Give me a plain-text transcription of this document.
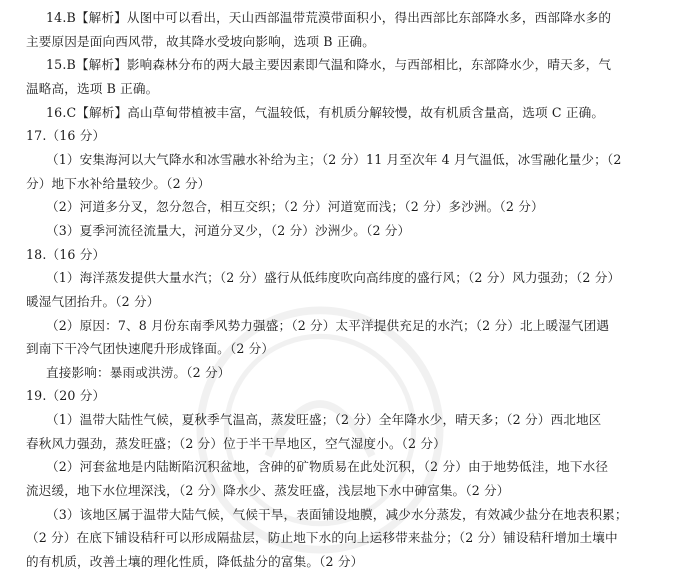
14.B【解析】从图中可以看出，天山西部温带荒漠带面积小，得出西部比东部降水多，西部降水多的
主要原因是面向西风带，故其降水受坡向影响，选项 B 正确。
15.B【解析】影响森林分布的两大最主要因素即气温和降水，与西部相比，东部降水少，晴天多，气
温略高，选项 B 正确。
16.C【解析】高山草甸带植被丰富，气温较低，有机质分解较慢，故有机质含量高，选项 C 正确。
17.（16 分）
（1）安集海河以大气降水和冰雪融水补给为主；（2 分）11 月至次年 4 月气温低，冰雪融化量少；（2
分）地下水补给量较少。（2 分）
（2）河道多分叉，忽分忽合，相互交织；（2 分）河道宽而浅；（2 分）多沙洲。（2 分）
（3）夏季河流径流量大，河道分叉少，（2 分）沙洲少。（2 分）
18.（16 分）
（1）海洋蒸发提供大量水汽；（2 分）盛行从低纬度吹向高纬度的盛行风；（2 分）风力强劲；（2 分）
暖湿气团抬升。（2 分）
（2）原因：7、8 月份东南季风势力强盛；（2 分）太平洋提供充足的水汽；（2 分）北上暖湿气团遇
到南下干冷气团快速爬升形成锋面。（2 分）
直接影响：暴雨或洪涝。（2 分）
19.（20 分）
（1）温带大陆性气候，夏秋季气温高，蒸发旺盛；（2 分）全年降水少，晴天多；（2 分）西北地区
春秋风力强劲，蒸发旺盛；（2 分）位于半干旱地区，空气湿度小。（2 分）
（2）河套盆地是内陆断陷沉积盆地，含砷的矿物质易在此处沉积，（2 分）由于地势低洼，地下水径
流迟缓，地下水位埋深浅，（2 分）降水少、蒸发旺盛，浅层地下水中砷富集。（2 分）
（3）该地区属于温带大陆气候，气候干旱，表面铺设地膜，减少水分蒸发，有效减少盐分在地表积累；
（2 分）在底下铺设秸秆可以形成隔盐层，防止地下水的向上运移带来盐分；（2 分）铺设秸秆增加土壤中
的有机质，改善土壤的理化性质，降低盐分的富集。（2 分）
